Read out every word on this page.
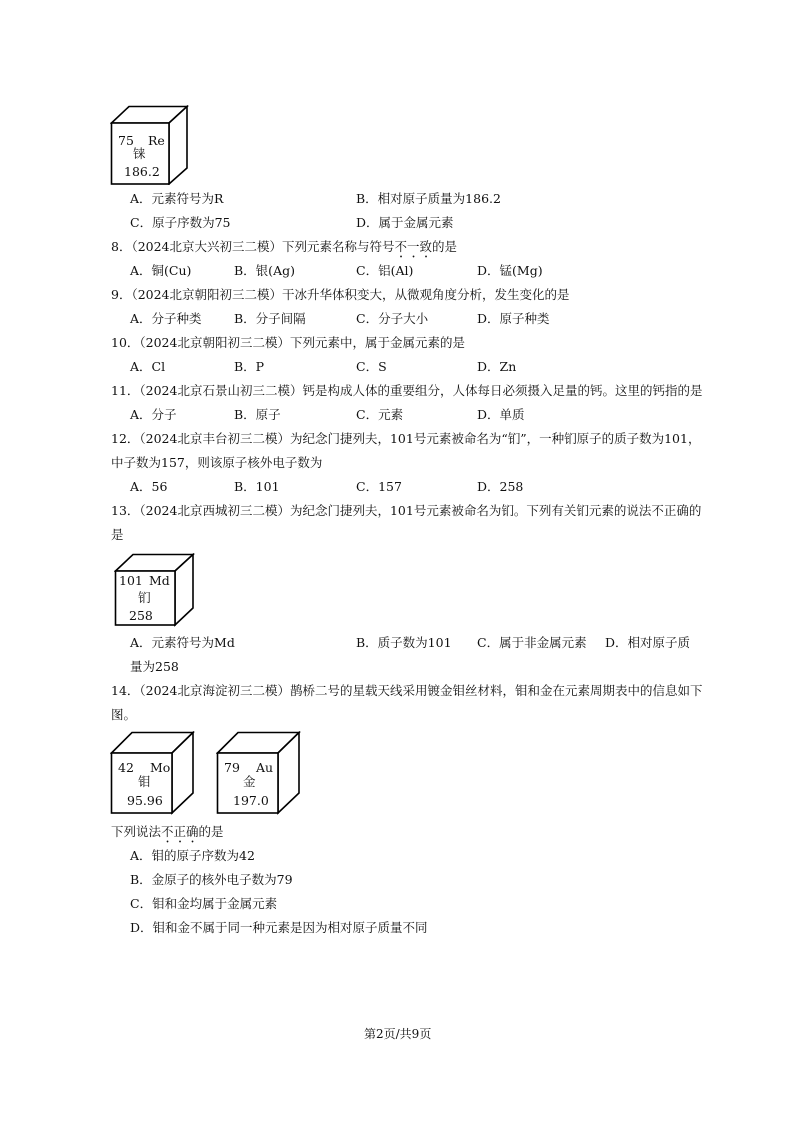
75 Re
铼
186.2
A．元素符号为R	B．相对原子质量为186.2
C．原子序数为75	D．属于金属元素
8．（2024北京大兴初三二模）下列元素名称与符号不一致的是
A．铜(Cu)	B．银(Ag)	C．铝(Al)	D．锰(Mg)
9．（2024北京朝阳初三二模）干冰升华体积变大，从微观角度分析，发生变化的是
A．分子种类	B．分子间隔	C．分子大小	D．原子种类
10．（2024北京朝阳初三二模）下列元素中，属于金属元素的是
A．Cl	B．P	C．S	D．Zn
11．（2024北京石景山初三二模）钙是构成人体的重要组分，人体每日必须摄入足量的钙。这里的钙指的是
A．分子	B．原子	C．元素	D．单质
12．（2024北京丰台初三二模）为纪念门捷列夫，101号元素被命名为“钔”，一种钔原子的质子数为101，
中子数为157，则该原子核外电子数为
A．56	B．101	C．157	D．258
13．（2024北京西城初三二模）为纪念门捷列夫，101号元素被命名为钔。下列有关钔元素的说法不正确的
是
101 Md
钔
258
A．元素符号为Md	B．质子数为101 C．属于非金属元素 D．相对原子质
量为258
14．（2024北京海淀初三二模）鹊桥二号的星载天线采用镀金钼丝材料，钼和金在元素周期表中的信息如下
图。
42 Mo
钼
95.96
79 Au
金
197.0
下列说法不正确的是
A．钼的原子序数为42
B．金原子的核外电子数为79
C．钼和金均属于金属元素
D．钼和金不属于同一种元素是因为相对原子质量不同
第2页/共9页
